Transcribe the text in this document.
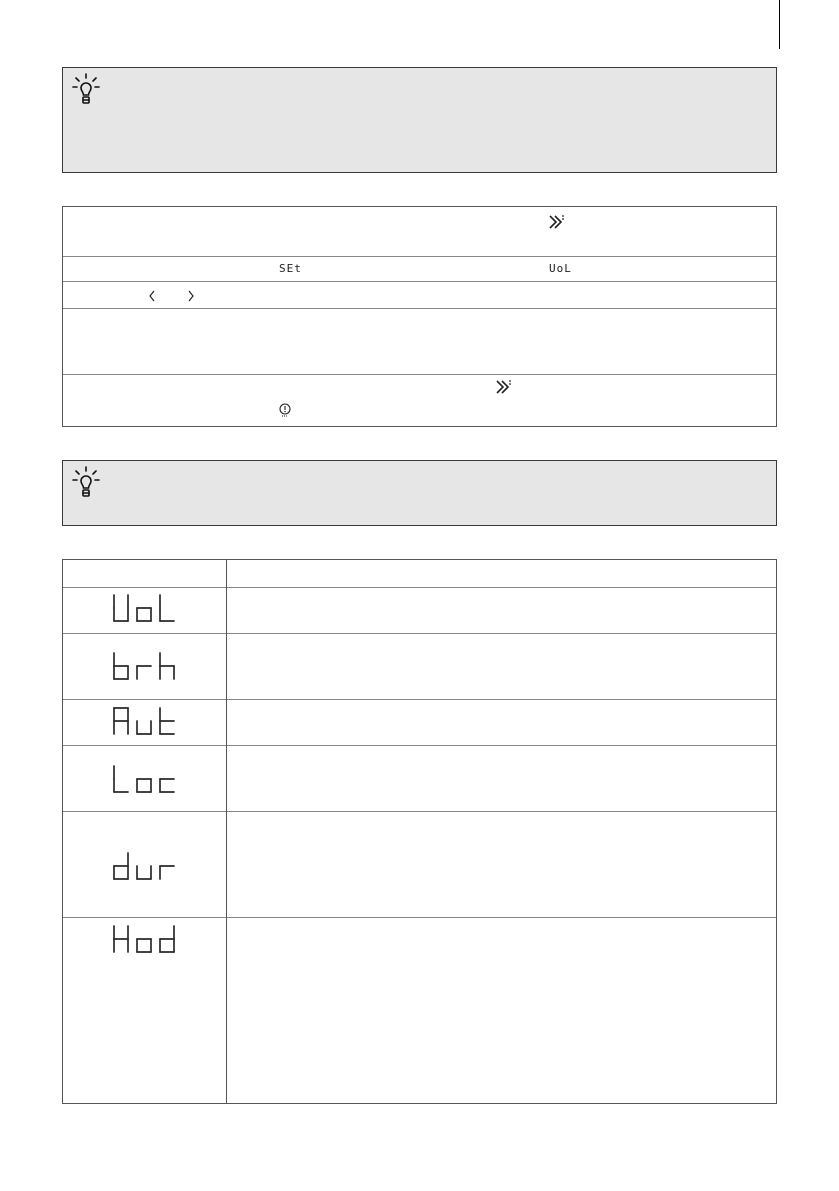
SEt	UoL
